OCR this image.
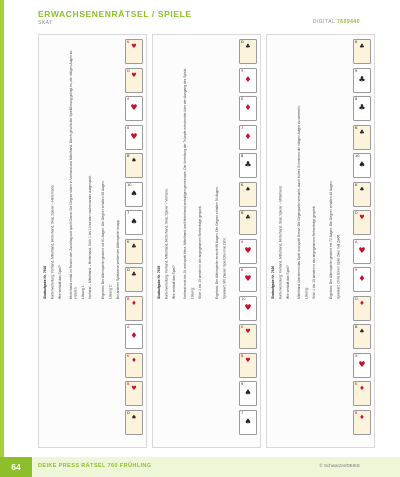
ERWACHSENENRÄTSEL / SPIELE
SKAT	DIGITAL 7609440

Skataufgabe Nr. 7618 Kartenverteilung: Vorhand, Mittelhand, Hinterhand, Skat, Spieler – Hinterhand. Wie verläuft das Spiel? Hinterhand erhält im Reizen den Zuschlag und spielt Grand. Die Gegner sitzen in Vorhand und Mittelhand. Durch geschickte Spielführung gelingt es, die nötigen Augen zu erzielen. Lösung 1: Vorhand – Mittelhand – Hinterhand. Stich 1 bis 10 werden nacheinander ausgespielt.	Ergebnis: Der Alleinspieler gewinnt mit 61 Augen. Die Gegner erhalten 59 Augen. Lösung 2: Bei anderer Spielweise verliert der Alleinspieler knapp.

K
♥
D
♥
9
♥
8
♥
B
♠
10
♠
7
♠
K
♣
D
♣
B
♦
A
♦
K
♦
B
♥
D
♠

Skataufgabe Nr. 7619 Kartenverteilung: Vorhand, Mittelhand, Hinterhand, Skat, Spieler – Vorhand. Wie verläuft das Spiel? Vorhand reizt bis 18 und spielt Herz. Mittelhand und Hinterhand verteidigen gemeinsam. Die Verteilung der Trümpfe entscheidet über den Ausgang des Spiels. Lösung: Stich 1 bis 10 werden in der angegebenen Reihenfolge gespielt.	Ergebnis: Der Alleinspieler erreicht 66 Augen. Die Gegner erhalten 54 Augen. Spielwert: Mit Zweien Spiel Drei mal Zehn.

D
♣
9
♦
8
♦
7
♦
8
♣
K
♠
B
♣
9
♥
8
♥
10
♥
K
♥
B
♥
9
♠
7
♠

Skataufgabe Nr. 7620 Kartenverteilung: Vorhand, Mittelhand, Hinterhand, Skat, Spieler – Mittelhand. Wie verläuft das Spiel? Mittelhand übernimmt das Spiel und spielt Kreuz. Die Gegenpartei versucht, durch frühes Schmieren die nötigen Augen zu sammeln. Lösung: Stich 1 bis 10 werden in der angegebenen Reihenfolge gespielt.	Ergebnis: Der Alleinspieler gewinnt mit 72 Augen. Die Gegner erhalten 48 Augen. Spielwert: Ohne Einen Spiel Zwei mal Zwölf.

K
♣
9
♣
8
♣
B
♣
10
♠
K
♠
D
♥
A
♥
9
♦
D
♦
B
♠
9
♥
K
♦
B
♦
64	DEIKE PRESS RÄTSEL 760 FRÜHLING	© Schwarzer/DEIKE
